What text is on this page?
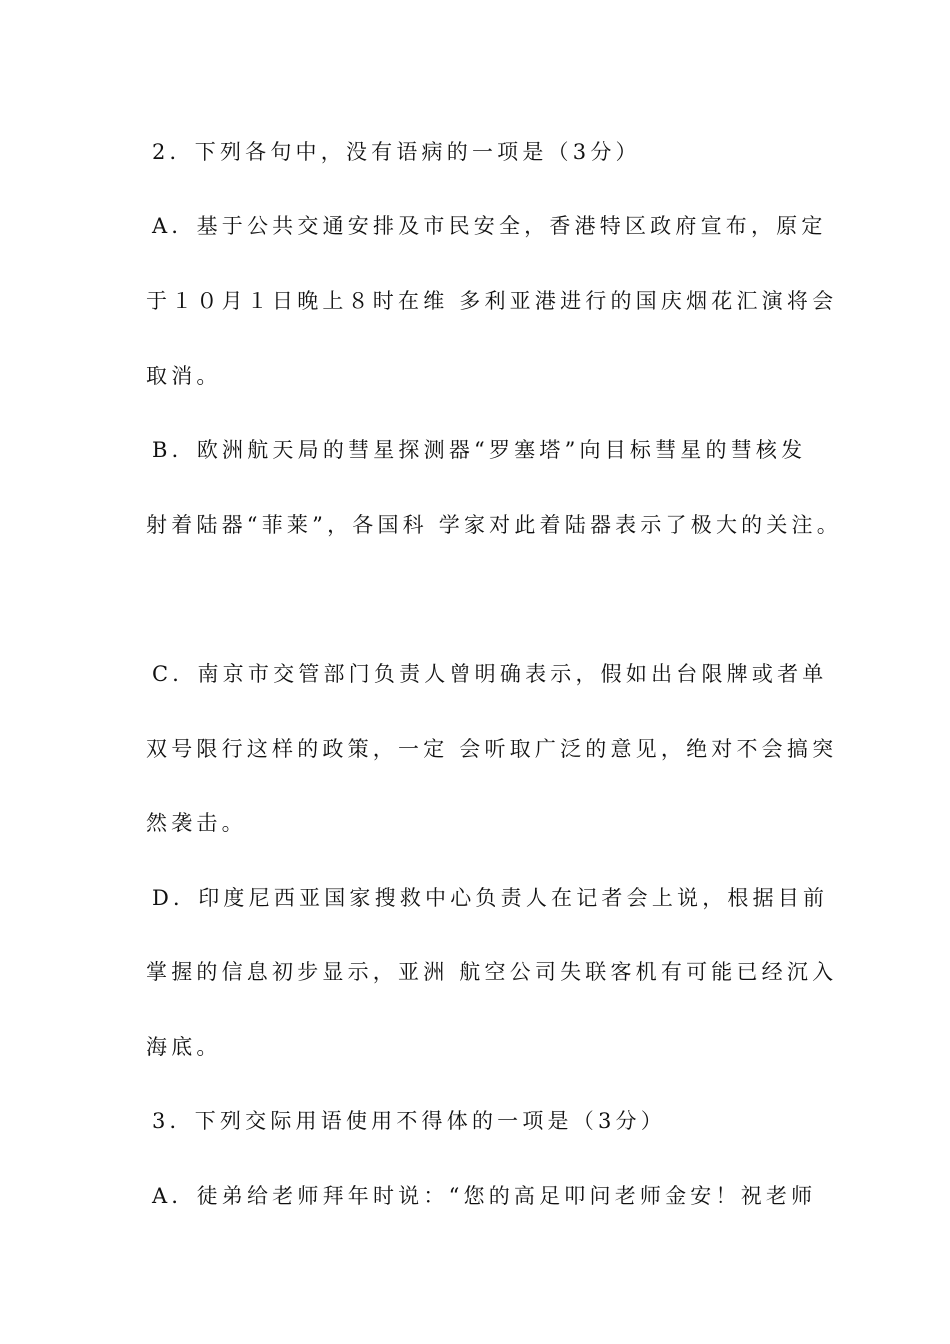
2．下列各句中，没有语病的一项是（3分）
A．基于公共交通安排及市民安全，香港特区政府宣布，原定
于１０月１日晚上８时在维 多利亚港进行的国庆烟花汇演将会
取消。
B．欧洲航天局的彗星探测器“罗塞塔”向目标彗星的彗核发
射着陆器“菲莱”，各国科 学家对此着陆器表示了极大的关注。
C．南京市交管部门负责人曾明确表示，假如出台限牌或者单
双号限行这样的政策，一定 会听取广泛的意见，绝对不会搞突
然袭击。
D．印度尼西亚国家搜救中心负责人在记者会上说，根据目前
掌握的信息初步显示，亚洲 航空公司失联客机有可能已经沉入
海底。
3．下列交际用语使用不得体的一项是（3分）
A．徒弟给老师拜年时说：“您的高足叩问老师金安！祝老师
